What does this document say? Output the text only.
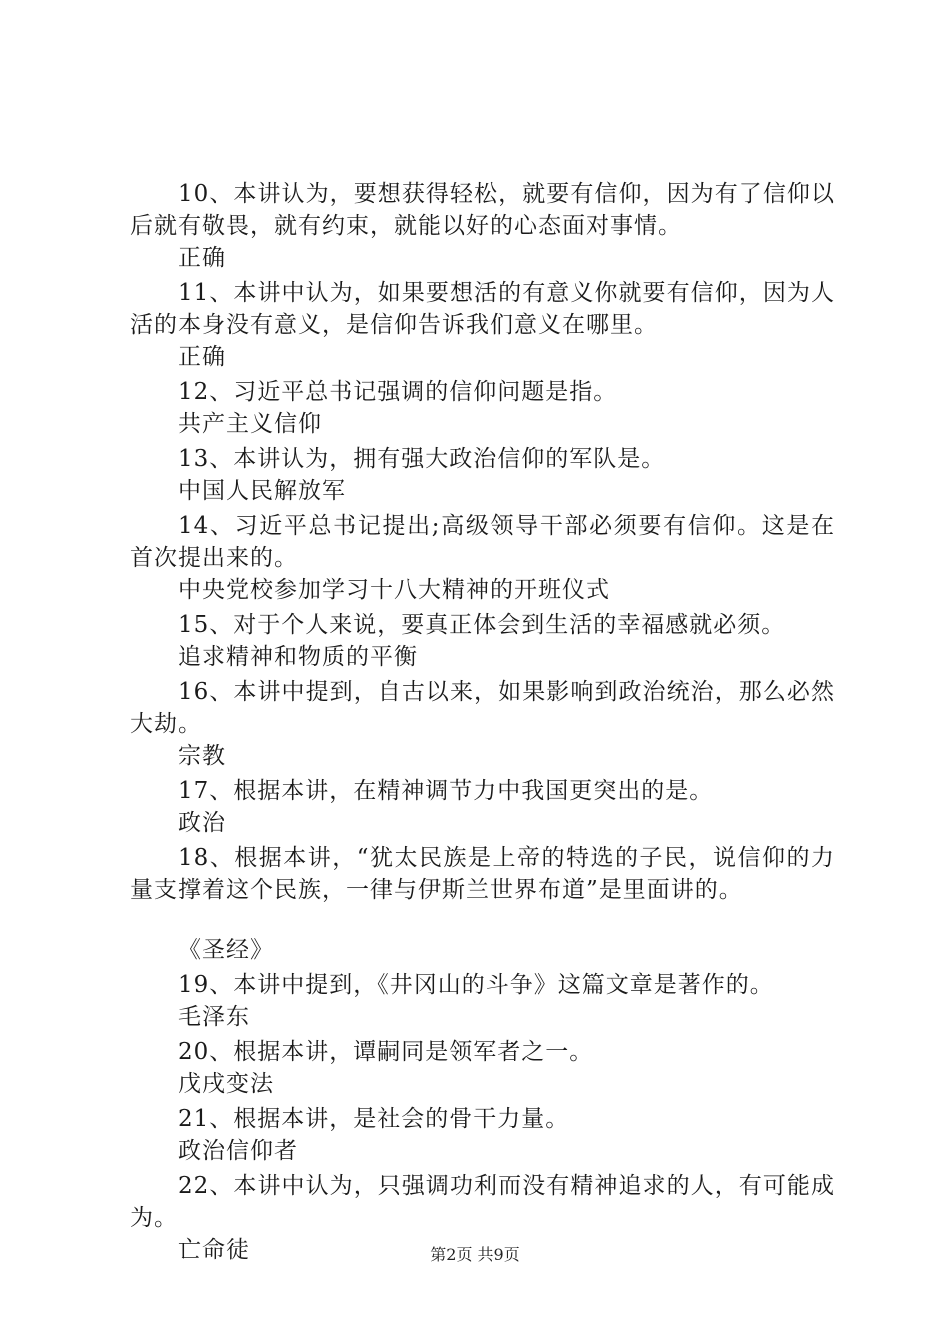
10、本讲认为，要想获得轻松，就要有信仰，因为有了信仰以后就有敬畏，就有约束，就能以好的心态面对事情。

正确

11、本讲中认为，如果要想活的有意义你就要有信仰，因为人活的本身没有意义，是信仰告诉我们意义在哪里。

正确

12、习近平总书记强调的信仰问题是指。

共产主义信仰

13、本讲认为，拥有强大政治信仰的军队是。

中国人民解放军

14、习近平总书记提出;高级领导干部必须要有信仰。这是在首次提出来的。

中央党校参加学习十八大精神的开班仪式

15、对于个人来说，要真正体会到生活的幸福感就必须。

追求精神和物质的平衡

16、本讲中提到，自古以来，如果影响到政治统治，那么必然大劫。

宗教

17、根据本讲，在精神调节力中我国更突出的是。

政治

18、根据本讲，“犹太民族是上帝的特选的子民，说信仰的力量支撑着这个民族，一律与伊斯兰世界布道”是里面讲的。

《圣经》

19、本讲中提到，《井冈山的斗争》这篇文章是著作的。

毛泽东

20、根据本讲，谭嗣同是领军者之一。

戊戌变法

21、根据本讲，是社会的骨干力量。

政治信仰者

22、本讲中认为，只强调功利而没有精神追求的人，有可能成为。

亡命徒	第2页 共9页
